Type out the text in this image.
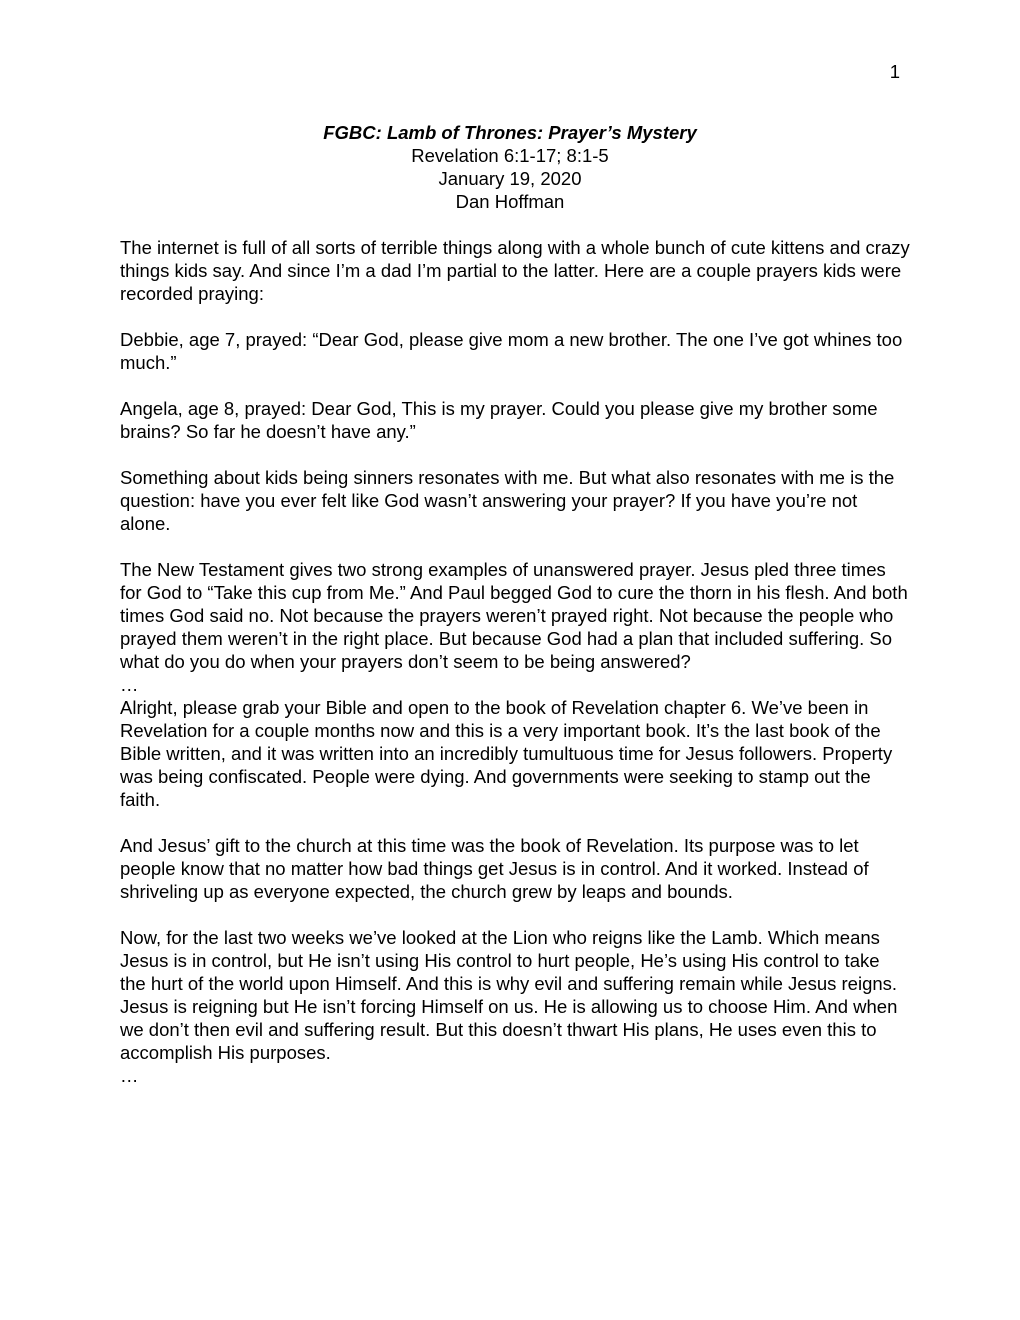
1
FGBC: Lamb of Thrones: Prayer’s Mystery
Revelation 6:1-17; 8:1-5
January 19, 2020
Dan Hoffman

The internet is full of all sorts of terrible things along with a whole bunch of cute kittens and crazy things kids say. And since I’m a dad I’m partial to the latter. Here are a couple prayers kids were recorded praying:

Debbie, age 7, prayed: “Dear God, please give mom a new brother. The one I’ve got whines too much.”

Angela, age 8, prayed: Dear God, This is my prayer. Could you please give my brother some brains? So far he doesn’t have any.”

Something about kids being sinners resonates with me. But what also resonates with me is the question: have you ever felt like God wasn’t answering your prayer? If you have you’re not alone.

The New Testament gives two strong examples of unanswered prayer. Jesus pled three times for God to “Take this cup from Me.” And Paul begged God to cure the thorn in his flesh. And both times God said no. Not because the prayers weren’t prayed right. Not because the people who prayed them weren’t in the right place. But because God had a plan that included suffering. So what do you do when your prayers don’t seem to be being answered?

…

Alright, please grab your Bible and open to the book of Revelation chapter 6. We’ve been in Revelation for a couple months now and this is a very important book. It’s the last book of the Bible written, and it was written into an incredibly tumultuous time for Jesus followers. Property was being confiscated. People were dying. And governments were seeking to stamp out the faith.

And Jesus’ gift to the church at this time was the book of Revelation. Its purpose was to let people know that no matter how bad things get Jesus is in control. And it worked. Instead of shriveling up as everyone expected, the church grew by leaps and bounds.

Now, for the last two weeks we’ve looked at the Lion who reigns like the Lamb. Which means Jesus is in control, but He isn’t using His control to hurt people, He’s using His control to take the hurt of the world upon Himself. And this is why evil and suffering remain while Jesus reigns. Jesus is reigning but He isn’t forcing Himself on us. He is allowing us to choose Him. And when we don’t then evil and suffering result. But this doesn’t thwart His plans, He uses even this to accomplish His purposes.

…
